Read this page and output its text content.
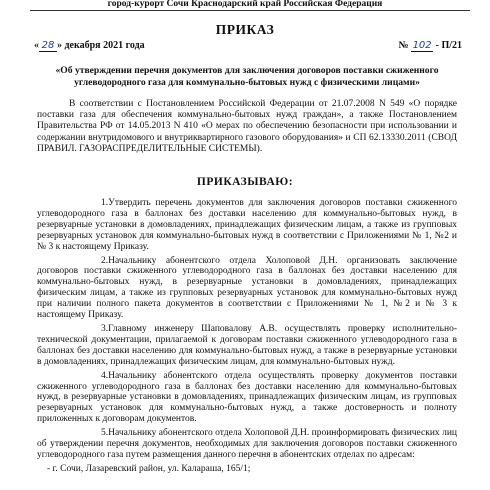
город-курорт Сочи Краснодарский край Российская Федерация
ПРИКАЗ
« 28 » декабря 2021 года	№ 102 - П/21
«Об утверждении перечня документов для заключения договоров поставки сжиженного углеводородного газа для коммунально-бытовых нужд с физическими лицами»

В соответствии с Постановлением Российской Федерации от 21.07.2008 N 549 «О порядке поставки газа для обеспечения коммунально-бытовых нужд граждан», а также Постановлением Правительства РФ от 14.05.2013 N 410 «О мерах по обеспечению безопасности при использовании и содержании внутридомового и внутриквартирного газового оборудования» и СП 62.13330.2011 (СВОД ПРАВИЛ. ГАЗОРАСПРЕДЕЛИТЕЛЬНЫЕ СИСТЕМЫ).

ПРИКАЗЫВАЮ:

1.Утвердить перечень документов для заключения договоров поставки сжиженного углеводородного газа в баллонах без доставки населению для коммунально-бытовых нужд, в резервуарные установки в домовладениях, принадлежащих физическим лицам, а также из групповых резервуарных установок для коммунально-бытовых нужд в соответствии с Приложениями № 1, №2 и № 3 к настоящему Приказу.

2.Начальнику абонентского отдела Холоповой Д.Н. организовать заключение договоров поставки сжиженного углеводородного газа в баллонах без доставки населению для коммунально-бытовых нужд, в резервуарные установки в домовладениях, принадлежащих физическим лицам, а также из групповых резервуарных установок для коммунально-бытовых нужд при наличии полного пакета документов в соответствии с Приложениями № 1, №2 и № 3 к настоящему Приказу.

3.Главному инженеру Шаповалову А.В. осуществлять проверку исполнительно-технической документации, прилагаемой к договорам поставки сжиженного углеводородного газа в баллонах без доставки населению для коммунально-бытовых нужд, а также в резервуарные установки в домовладениях, принадлежащих физическим лицам, для коммунально-бытовых нужд.

4.Начальнику абонентского отдела осуществлять проверку документов поставки сжиженного углеводородного газа в баллонах без доставки населению для коммунально-бытовых нужд, в резервуарные установки в домовладениях, принадлежащих физическим лицам, из групповых резервуарных установок для коммунально-бытовых нужд, а также достоверность и полноту приложенных к договорам документов.

5.Начальнику абонентского отдела Холоповой Д.Н. проинформировать физических лиц об утверждении перечня документов, необходимых для заключения договоров поставки сжиженного углеводородного газа путем размещения данного перечня в абонентских отделах по адресам:

- г. Сочи, Лазаревский район, ул. Калараша, 165/1;
